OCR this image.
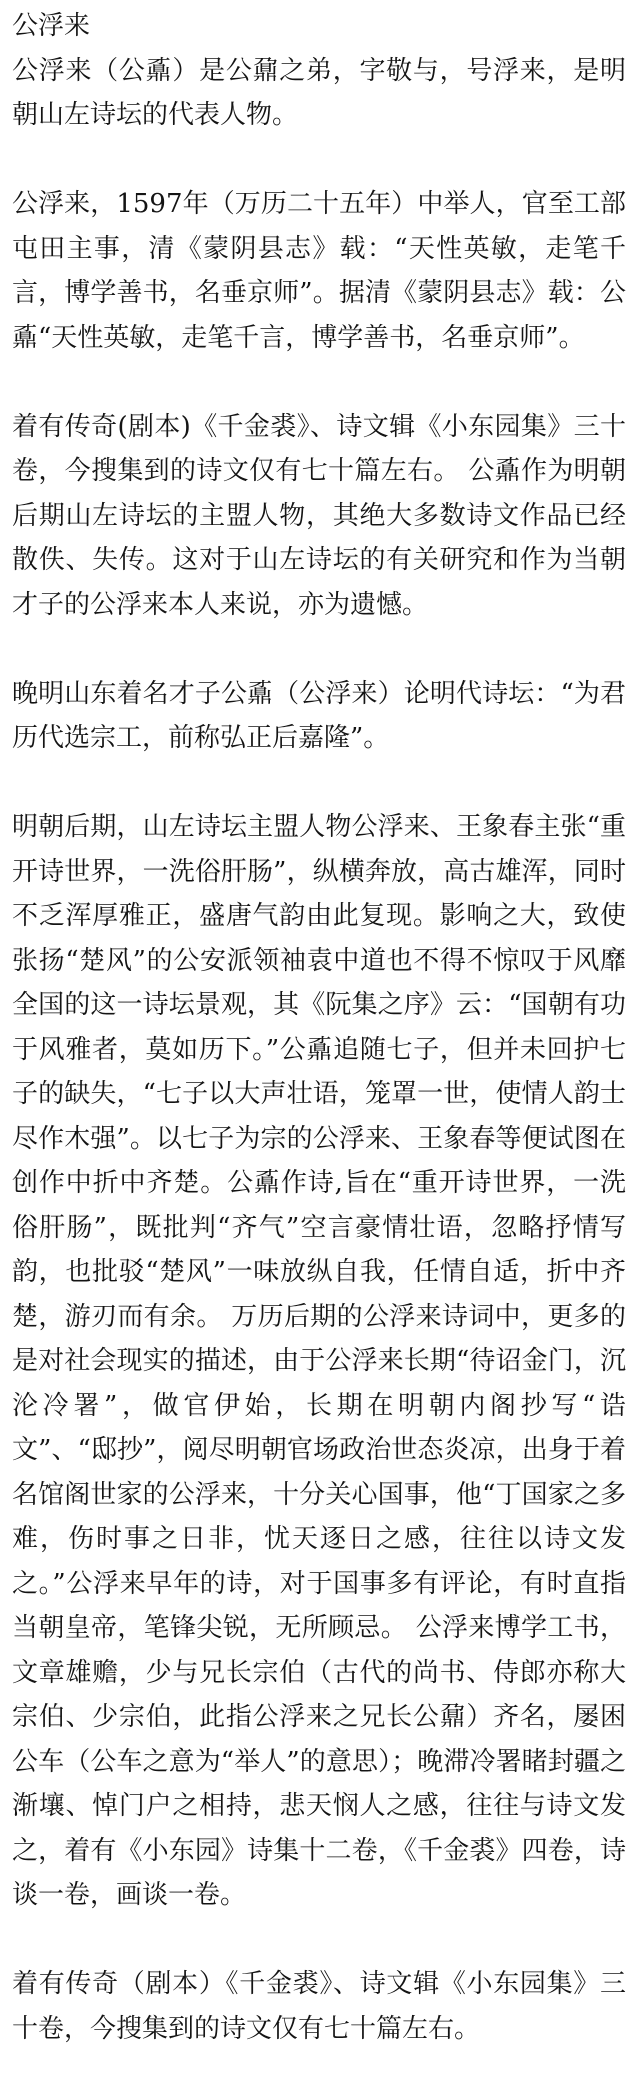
公浮来

公浮来（公鼒）是公鼐之弟，字敬与，号浮来，是明朝山左诗坛的代表人物。

公浮来，1597年（万历二十五年）中举人，官至工部屯田主事，清《蒙阴县志》载：“天性英敏，走笔千言，博学善书，名垂京师”。据清《蒙阴县志》载：公鼒“天性英敏，走笔千言，博学善书，名垂京师”。

着有传奇(剧本)《千金裘》、诗文辑《小东园集》三十卷，今搜集到的诗文仅有七十篇左右。 公鼒作为明朝后期山左诗坛的主盟人物，其绝大多数诗文作品已经散佚、失传。这对于山左诗坛的有关研究和作为当朝才子的公浮来本人来说，亦为遗憾。

晚明山东着名才子公鼒（公浮来）论明代诗坛：“为君历代选宗工，前称弘正后嘉隆”。

明朝后期，山左诗坛主盟人物公浮来、王象春主张“重开诗世界，一洗俗肝肠”，纵横奔放，高古雄浑，同时不乏浑厚雅正，盛唐气韵由此复现。影响之大，致使张扬“楚风”的公安派领袖袁中道也不得不惊叹于风靡全国的这一诗坛景观，其《阮集之序》云：“国朝有功于风雅者，莫如历下。”公鼒追随七子，但并未回护七子的缺失，“七子以大声壮语，笼罩一世，使情人韵士尽作木强”。以七子为宗的公浮来、王象春等便试图在创作中折中齐楚。公鼒作诗,旨在“重开诗世界，一洗俗肝肠”，既批判“齐气”空言豪情壮语，忽略抒情写韵，也批驳“楚风”一味放纵自我，任情自适，折中齐楚，游刃而有余。 万历后期的公浮来诗词中，更多的是对社会现实的描述，由于公浮来长期“待诏金门，沉沦冷署”，做官伊始，长期在明朝内阁抄写“诰文”、“邸抄”，阅尽明朝官场政治世态炎凉，出身于着名馆阁世家的公浮来，十分关心国事，他“丁国家之多难，伤时事之日非，忧天逐日之感，往往以诗文发之。”公浮来早年的诗，对于国事多有评论，有时直指当朝皇帝，笔锋尖锐，无所顾忌。 公浮来博学工书，文章雄赡，少与兄长宗伯（古代的尚书、侍郎亦称大宗伯、少宗伯，此指公浮来之兄长公鼐）齐名，屡困公车（公车之意为“举人”的意思）；晚滞冷署睹封疆之渐壤、悼门户之相持，悲天悯人之感，往往与诗文发之，着有《小东园》诗集十二卷，《千金裘》四卷，诗谈一卷，画谈一卷。

着有传奇（剧本）《千金裘》、诗文辑《小东园集》三十卷，今搜集到的诗文仅有七十篇左右。
